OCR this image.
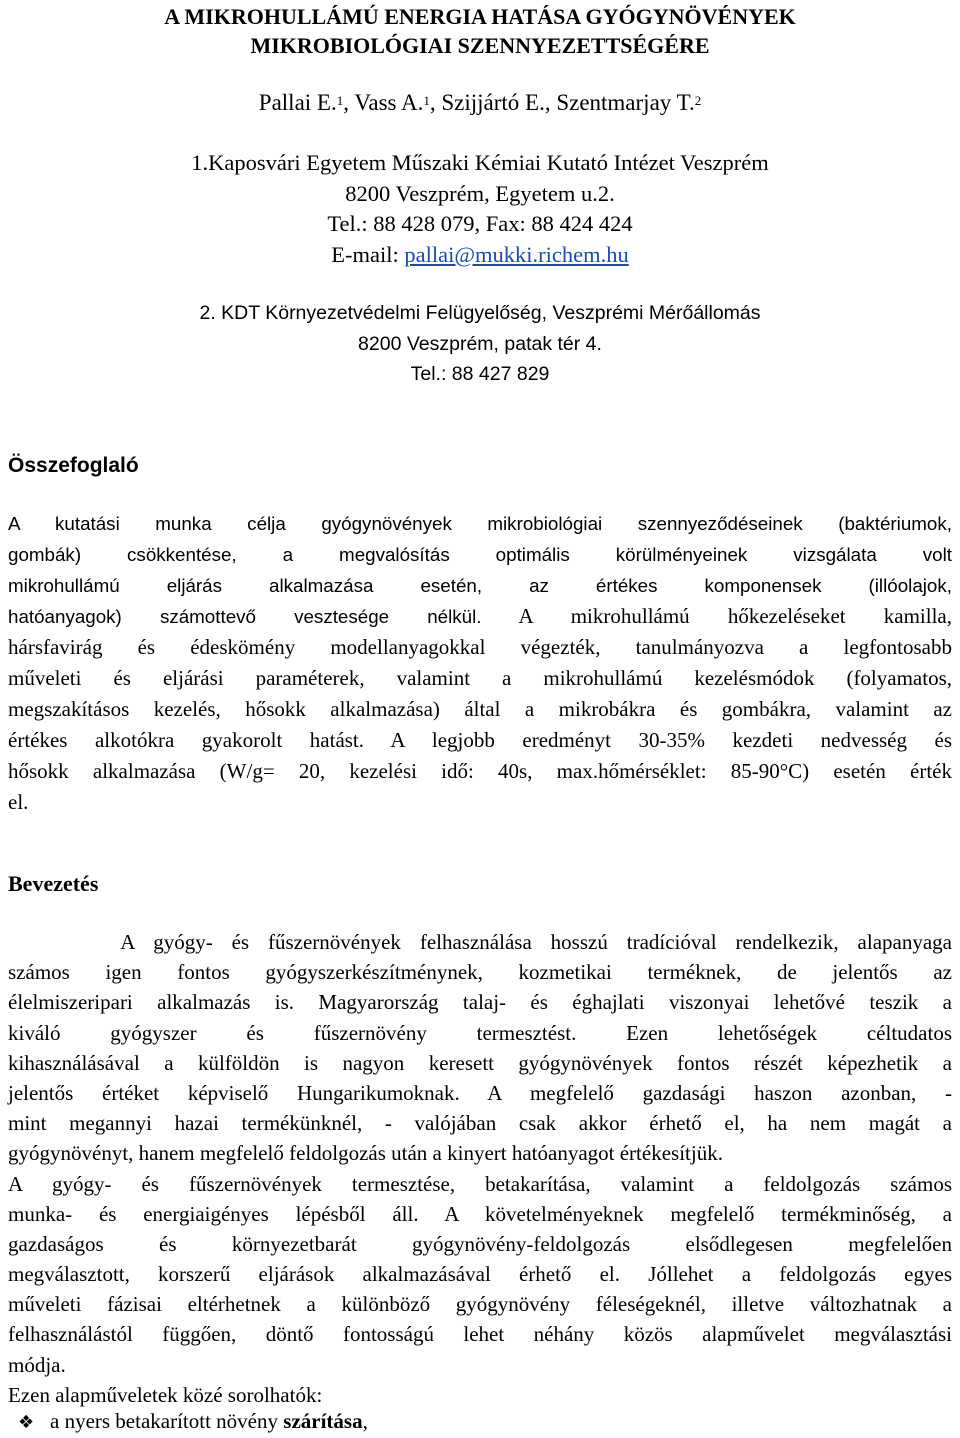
A MIKROHULLÁMÚ ENERGIA HATÁSA GYÓGYNÖVÉNYEK
MIKROBIOLÓGIAI SZENNYEZETTSÉGÉRE
Pallai E.$^1$, Vass A.$^1$, Szijjártó E., Szentmarjay T.$^2$
1.Kaposvári Egyetem Műszaki Kémiai Kutató Intézet Veszprém
8200 Veszprém, Egyetem u.2.
Tel.: 88 428 079, Fax: 88 424 424
E-mail: pallai@mukki.richem.hu
2. KDT Környezetvédelmi Felügyelőség, Veszprémi Mérőállomás
8200 Veszprém, patak tér 4.
Tel.: 88 427 829
Összefoglaló
A kutatási munka célja gyógynövények mikrobiológiai szennyeződéseinek (baktériumok,
gombák) csökkentése, a megvalósítás optimális körülményeinek vizsgálata volt
mikrohullámú eljárás alkalmazása esetén, az értékes komponensek (illóolajok,
hatóanyagok) számottevő vesztesége nélkül. A mikrohullámú hőkezeléseket kamilla,
hársfavirág és édeskömény modellanyagokkal végezték, tanulmányozva a legfontosabb
műveleti és eljárási paraméterek, valamint a mikrohullámú kezelésmódok (folyamatos,
megszakításos kezelés, hősokk alkalmazása) által a mikrobákra és gombákra, valamint az
értékes alkotókra gyakorolt hatást. A legjobb eredményt 30-35% kezdeti nedvesség és
hősokk alkalmazása (W/g= 20, kezelési idő: 40s, max.hőmérséklet: 85-90°C) esetén érték
el.
Bevezetés
A gyógy- és fűszernövények felhasználása hosszú tradícióval rendelkezik, alapanyaga
számos igen fontos gyógyszerkészítménynek, kozmetikai terméknek, de jelentős az
élelmiszeripari alkalmazás is. Magyarország talaj- és éghajlati viszonyai lehetővé teszik a
kiváló gyógyszer és fűszernövény termesztést. Ezen lehetőségek céltudatos
kihasználásával a külföldön is nagyon keresett gyógynövények fontos részét képezhetik a
jelentős értéket képviselő Hungarikumoknak. A megfelelő gazdasági haszon azonban, -
mint megannyi hazai termékünknél, - valójában csak akkor érhető el, ha nem magát a
gyógynövényt, hanem megfelelő feldolgozás után a kinyert hatóanyagot értékesítjük.
A gyógy- és fűszernövények termesztése, betakarítása, valamint a feldolgozás számos
munka- és energiaigényes lépésből áll. A követelményeknek megfelelő termékminőség, a
gazdaságos és környezetbarát gyógynövény-feldolgozás elsődlegesen megfelelően
megválasztott, korszerű eljárások alkalmazásával érhető el. Jóllehet a feldolgozás egyes
műveleti fázisai eltérhetnek a különböző gyógynövény féleségeknél, illetve változhatnak a
felhasználástól függően, döntő fontosságú lehet néhány közös alapművelet megválasztási
módja.
Ezen alapműveletek közé sorolhatók:
❖ a nyers betakarított növény szárítása,
